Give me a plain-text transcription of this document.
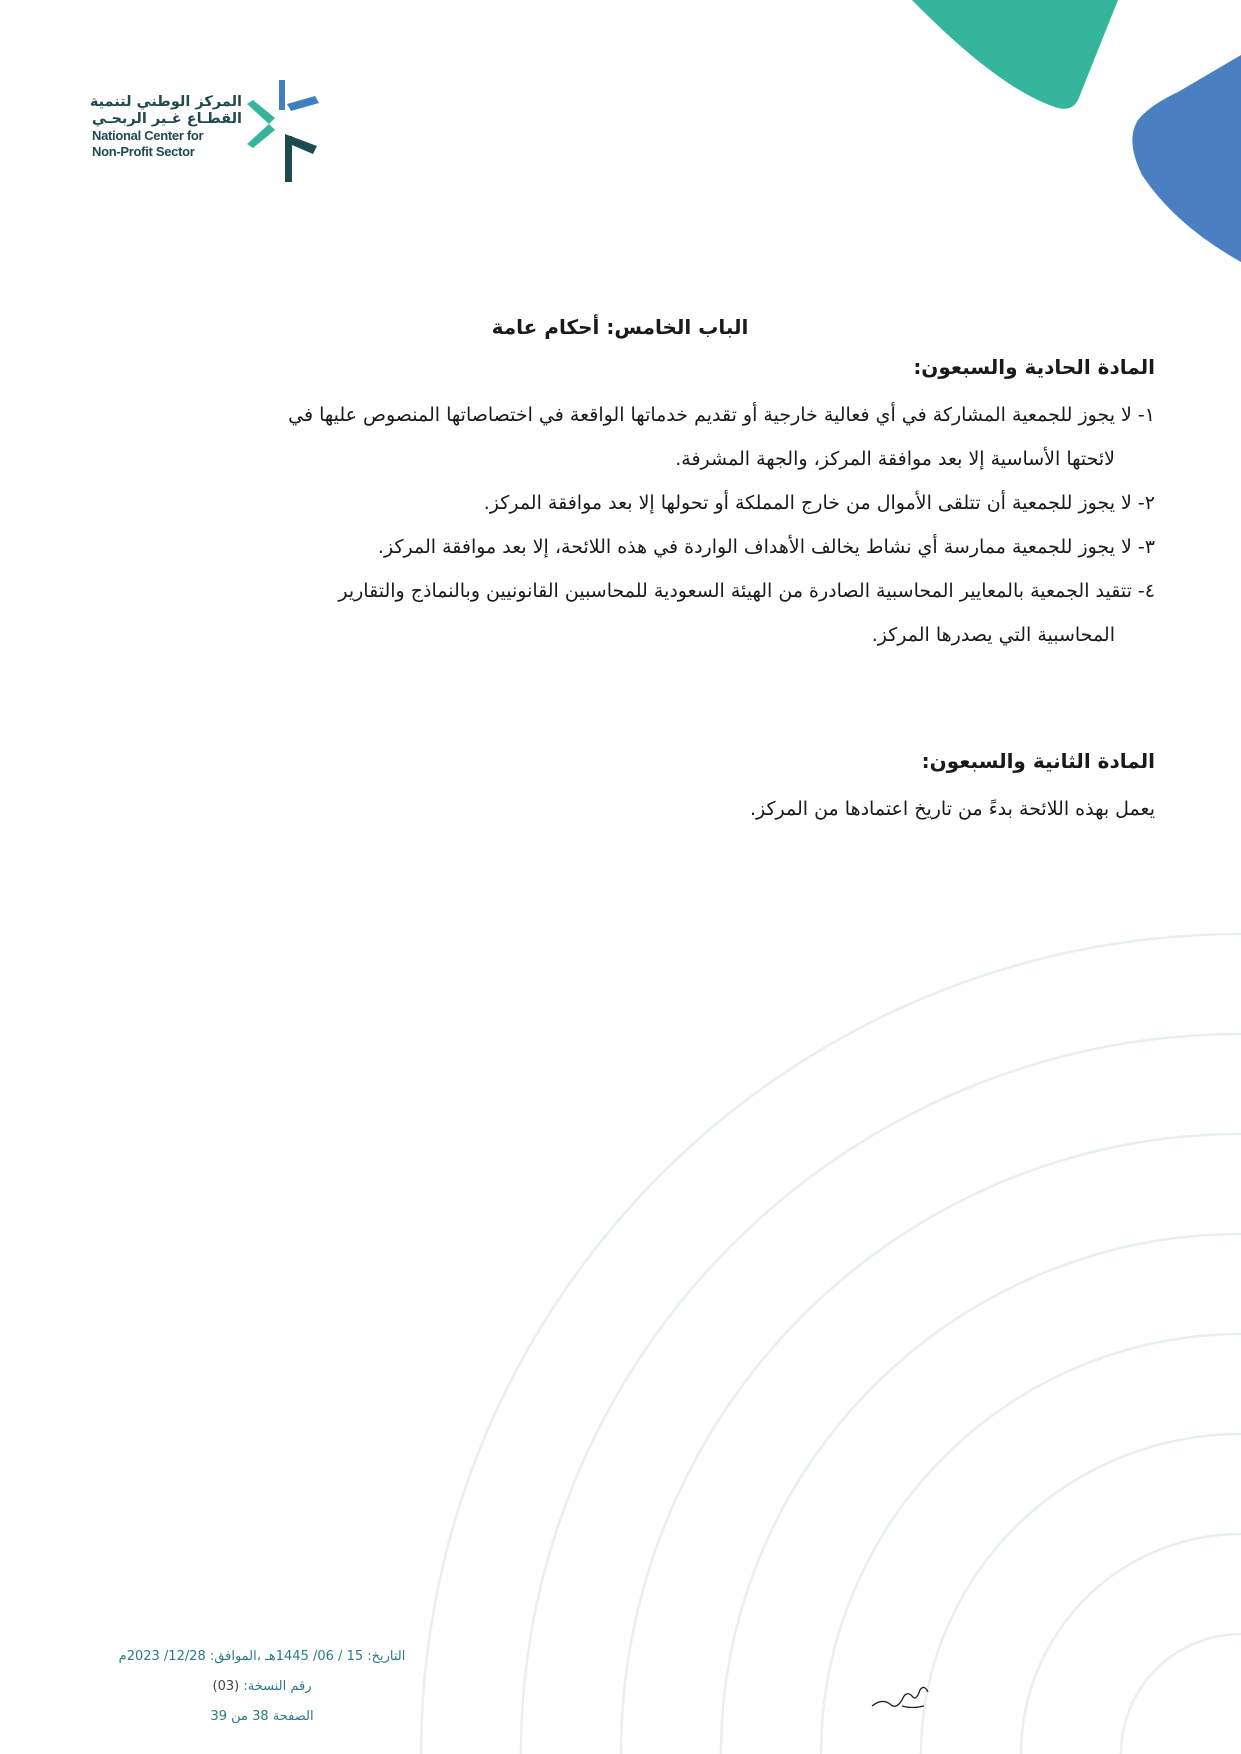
المركز الوطني لتنمية
القطـاع غـير الربحـي
National Center for
Non-Profit Sector
الباب الخامس: أحكام عامة
المادة الحادية والسبعون:
١- لا يجوز للجمعية المشاركة في أي فعالية خارجية أو تقديم خدماتها الواقعة في اختصاصاتها المنصوص عليها في
لائحتها الأساسية إلا بعد موافقة المركز، والجهة المشرفة.
٢- لا يجوز للجمعية أن تتلقى الأموال من خارج المملكة أو تحولها إلا بعد موافقة المركز.
٣- لا يجوز للجمعية ممارسة أي نشاط يخالف الأهداف الواردة في هذه اللائحة، إلا بعد موافقة المركز.
٤- تتقيد الجمعية بالمعايير المحاسبية الصادرة من الهيئة السعودية للمحاسبين القانونيين وبالنماذج والتقارير
المحاسبية التي يصدرها المركز.
المادة الثانية والسبعون:
يعمل بهذه اللائحة بدءً من تاريخ اعتمادها من المركز.
التاريخ: 15 / 06/ 1445هـ ،الموافق: 12/28/ 2023م
رقم النسخة: (03)
الصفحة 38 من 39
